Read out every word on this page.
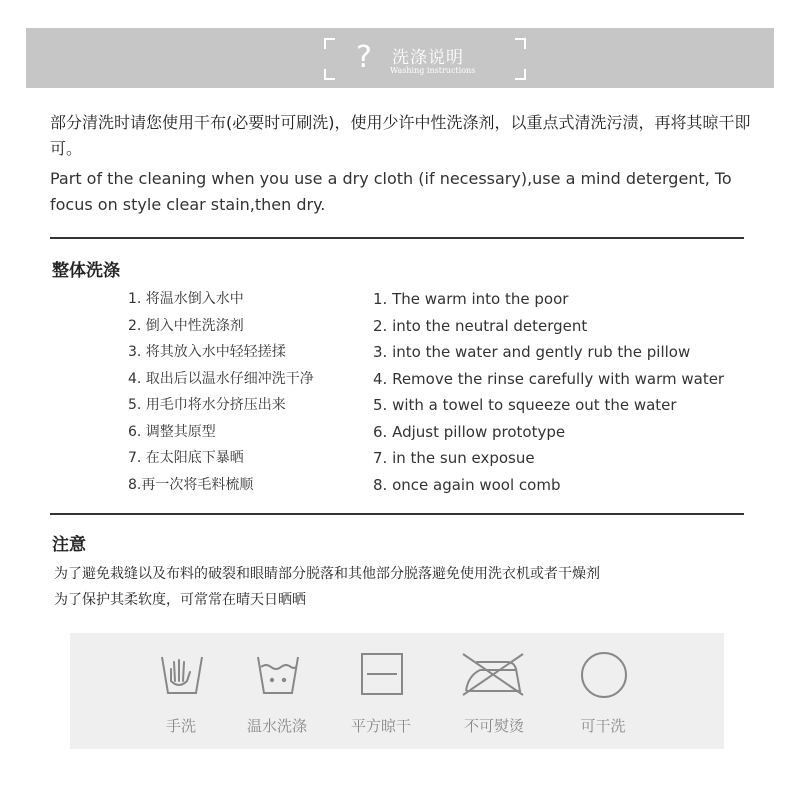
? 洗涤说明
Washing instructions
部分清洗时请您使用干布(必要时可刷洗)，使用少许中性洗涤剂，以重点式清洗污渍，再将其晾干即可。
Part of the cleaning when you use a dry cloth (if necessary),use a mind detergent, To focus on style clear stain,then dry.
整体洗涤
1. 将温水倒入水中
2. 倒入中性洗涤剂
3. 将其放入水中轻轻搓揉
4. 取出后以温水仔细冲洗干净
5. 用毛巾将水分挤压出来
6. 调整其原型
7. 在太阳底下暴晒
8.再一次将毛料梳顺
1. The warm into the poor
2. into the neutral detergent
3. into the water and gently rub the pillow
4. Remove the rinse carefully with warm water
5. with a towel to squeeze out the water
6. Adjust pillow prototype
7. in the sun exposue
8. once again wool comb
注意
为了避免栽缝以及布料的破裂和眼睛部分脱落和其他部分脱落避免使用洗衣机或者干燥剂
为了保护其柔软度，可常常在晴天日晒晒
手洗	温水洗涤	平方晾干	不可熨烫	可干洗
